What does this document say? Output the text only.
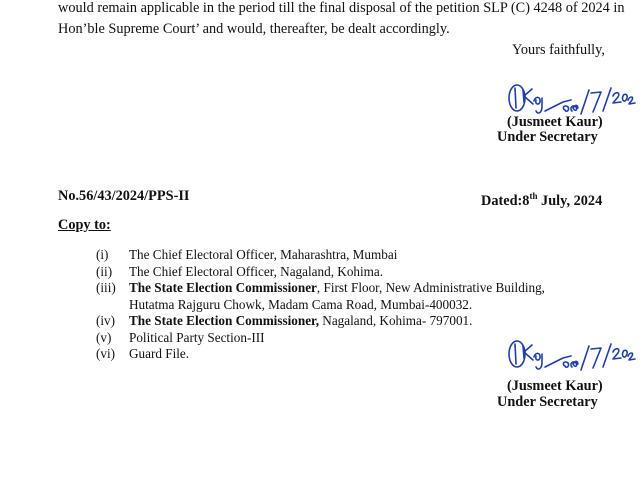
would remain applicable in the period till the final disposal of the petition SLP (C) 4248 of 2024 in
Hon’ble Supreme Court’ and would, thereafter, be dealt accordingly.
Yours faithfully,
(Jusmeet Kaur)
Under Secretary
No.56/43/2024/PPS-II	Dated:8th July, 2024
Copy to:
(i) The Chief Electoral Officer, Maharashtra, Mumbai
(ii) The Chief Electoral Officer, Nagaland, Kohima.
(iii) The State Election Commissioner, First Floor, New Administrative Building,
Hutatma Rajguru Chowk, Madam Cama Road, Mumbai-400032.
(iv) The State Election Commissioner, Nagaland, Kohima- 797001.
(v) Political Party Section-III
(vi) Guard File.
(Jusmeet Kaur)
Under Secretary
